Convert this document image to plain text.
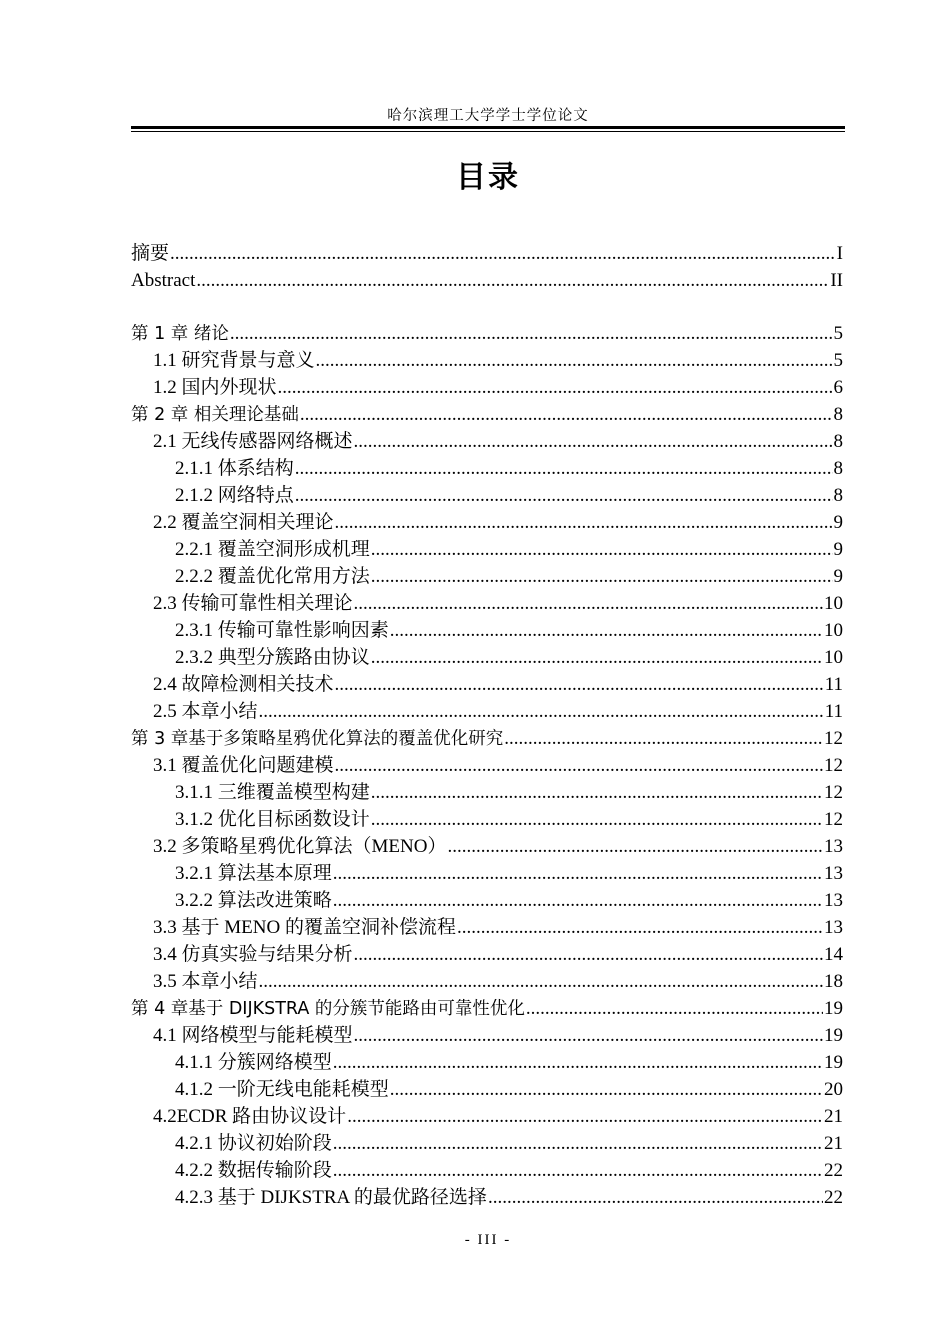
哈尔滨理工大学学士学位论文
目录
摘要 .....	I
Abstract .....	II
第 1 章 绪论 .....	5
1.1 研究背景与意义 .....	5
1.2 国内外现状 .....	6
第 2 章 相关理论基础 .....	8
2.1 无线传感器网络概述 .....	8
2.1.1 体系结构 .....	8
2.1.2 网络特点 .....	8
2.2 覆盖空洞相关理论 .....	9
2.2.1 覆盖空洞形成机理 .....	9
2.2.2 覆盖优化常用方法 .....	9
2.3 传输可靠性相关理论 .....	10
2.3.1 传输可靠性影响因素 .....	10
2.3.2 典型分簇路由协议 .....	10
2.4 故障检测相关技术 .....	11
2.5 本章小结 .....	11
第 3 章基于多策略星鸦优化算法的覆盖优化研究 .....	12
3.1 覆盖优化问题建模 .....	12
3.1.1 三维覆盖模型构建 .....	12
3.1.2 优化目标函数设计 .....	12
3.2 多策略星鸦优化算法（MENO） .....	13
3.2.1 算法基本原理 .....	13
3.2.2 算法改进策略 .....	13
3.3 基于 MENO 的覆盖空洞补偿流程 .....	13
3.4 仿真实验与结果分析 .....	14
3.5 本章小结 .....	18
第 4 章基于 DIJKSTRA 的分簇节能路由可靠性优化 .....	19
4.1 网络模型与能耗模型 .....	19
4.1.1 分簇网络模型 .....	19
4.1.2 一阶无线电能耗模型 .....	20
4.2ECDR 路由协议设计 .....	21
4.2.1 协议初始阶段 .....	21
4.2.2 数据传输阶段 .....	22
4.2.3 基于 DIJKSTRA 的最优路径选择 .....	22
- III -
